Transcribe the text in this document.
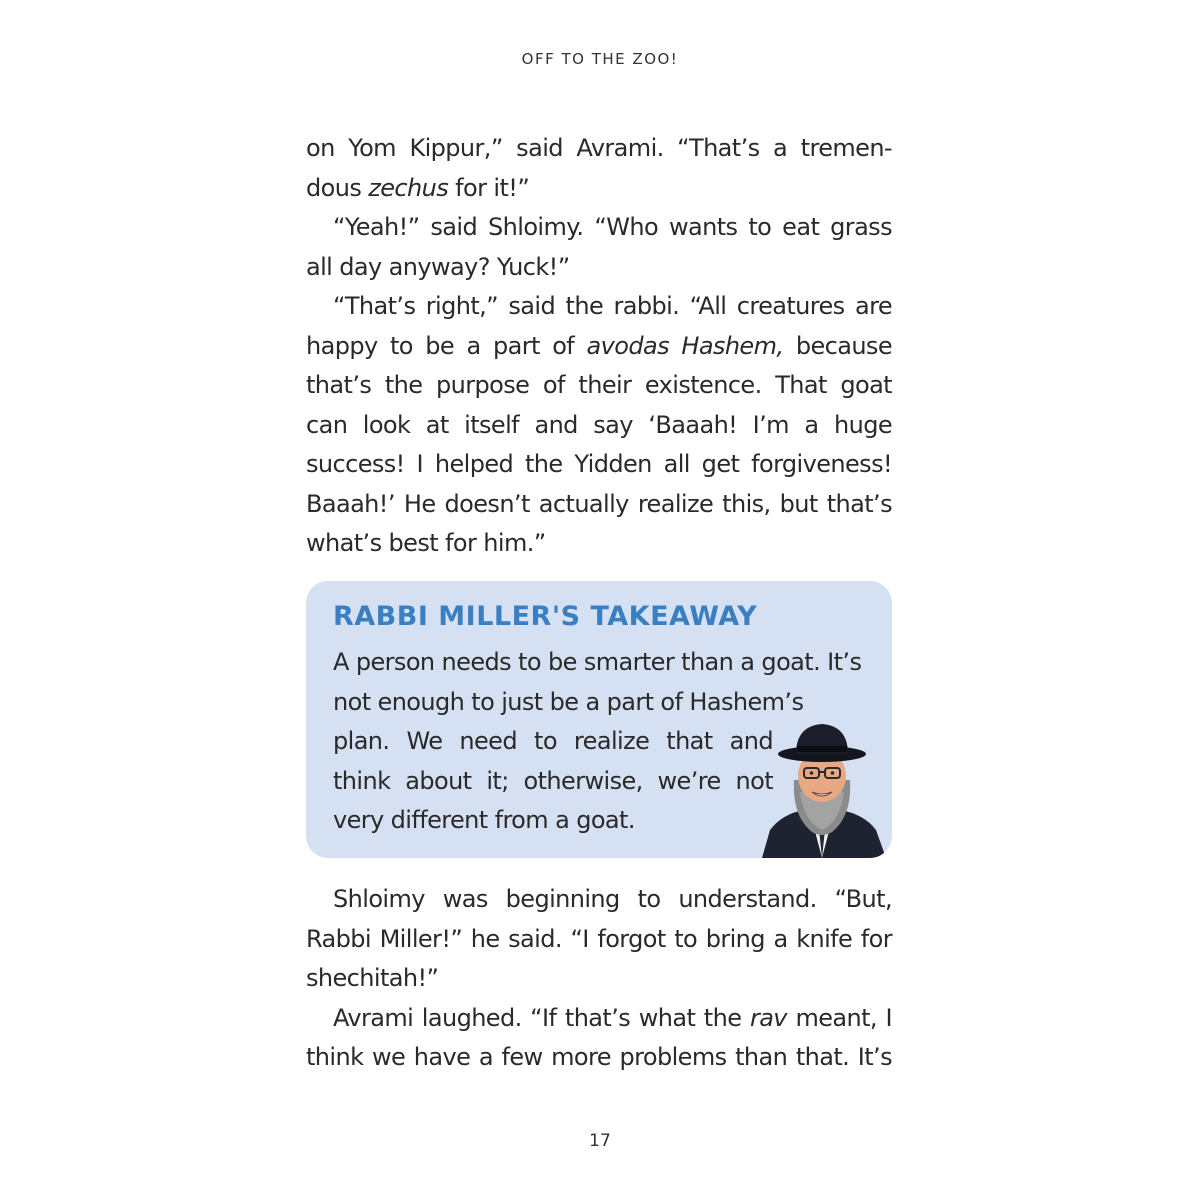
OFF TO THE ZOO!

on Yom Kippur,” said Avrami. “That’s a tremen-dous zechus for it!”

“Yeah!” said Shloimy. “Who wants to eat grass all day anyway? Yuck!”

“That’s right,” said the rabbi. “All creatures are happy to be a part of avodas Hashem, because that’s the purpose of their existence. That goat can look at itself and say ‘Baaah! I’m a huge success! I helped the Yidden all get forgiveness! Baaah!’ He doesn’t actually realize this, but that’s what’s best for him.”

RABBI MILLER'S TAKEAWAY
A person needs to be smarter than a goat. It’s
not enough to just be a part of Hashem’s
plan. We need to realize that and
think about it; otherwise, we’re not
very different from a goat.

Shloimy was beginning to understand. “But, Rabbi Miller!” he said. “I forgot to bring a knife for shechitah!”

Avrami laughed. “If that’s what the rav meant, I think we have a few more problems than that. It’s

17
